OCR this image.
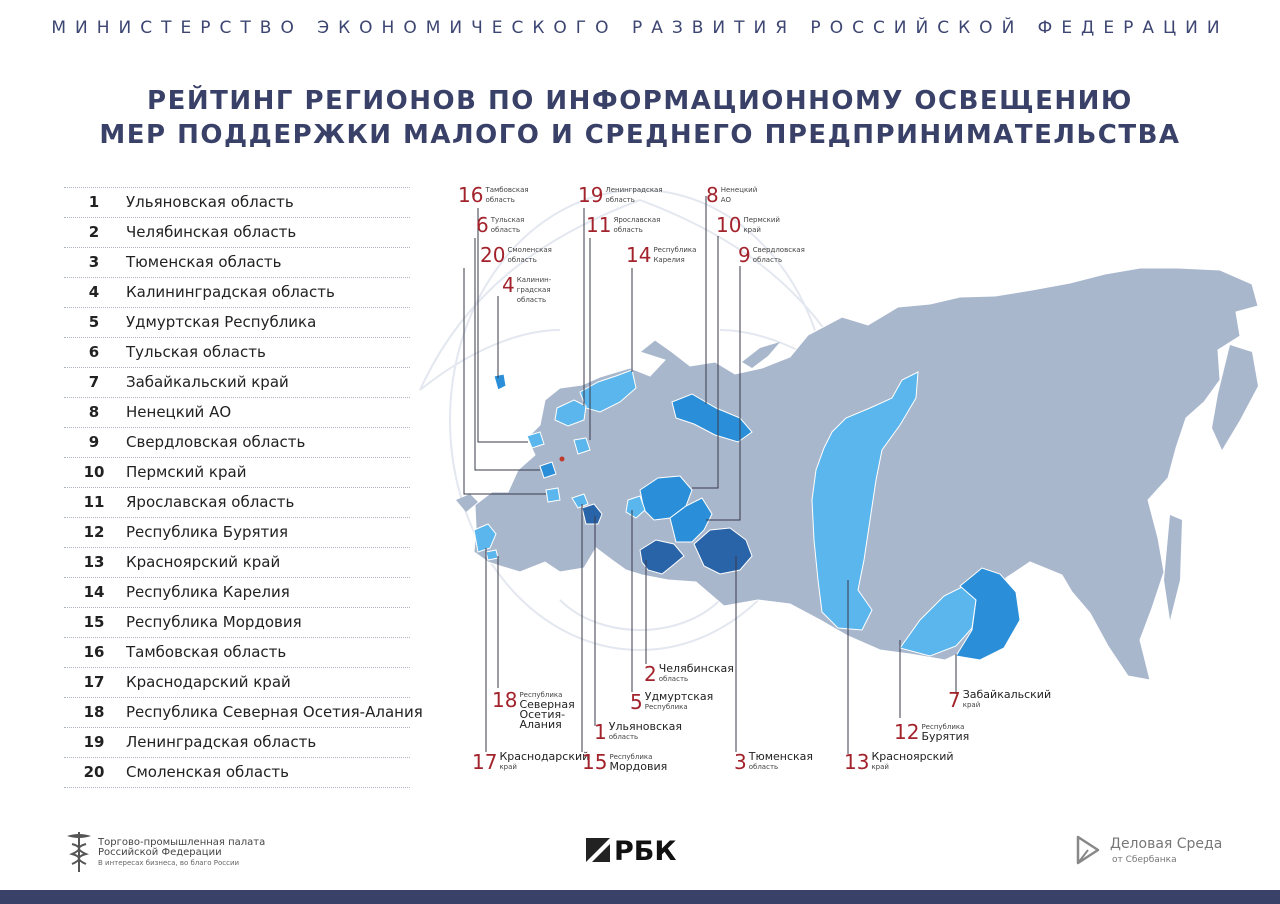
МИНИСТЕРСТВО ЭКОНОМИЧЕСКОГО РАЗВИТИЯ РОССИЙСКОЙ ФЕДЕРАЦИИ
РЕЙТИНГ РЕГИОНОВ ПО ИНФОРМАЦИОННОМУ ОСВЕЩЕНИЮ
МЕР ПОДДЕРЖКИ МАЛОГО И СРЕДНЕГО ПРЕДПРИНИМАТЕЛЬСТВА
1	Ульяновская область
2	Челябинская область
3	Тюменская область
4	Калининградская область
5	Удмуртская Республика
6	Тульская область
7	Забайкальский край
8	Ненецкий АО
9	Свердловская область
10	Пермский край
11	Ярославская область
12	Республика Бурятия
13	Красноярский край
14	Республика Карелия
15	Республика Мордовия
16	Тамбовская область
17	Краснодарский край
18	Республика Северная Осетия-Алания
19	Ленинградская область
20	Смоленская область
16 Тамбовская
область
6 Тульская
область
20 Смоленская
область
4 Калинин-
градская
область
19 Ленинградская
область
11 Ярославская
область
14 Республика
Карелия
8 Ненецкий
АО
10 Пермский
край
9 Свердловская
область
2 Челябинская
область
5 Удмуртская
Республика
18 Республика
Северная
Осетия-
Алания	1 Ульяновская
область
17 Краснодарский
край	15 Республика
Мордовия	3 Тюменская
область	13 Красноярский
край
12 Республика
Бурятия
7 Забайкальский
край
Торгово-промышленная палата
Российской Федерации
В интересах бизнеса, во благо России	РБК	Деловая Среда
от Сбербанка
